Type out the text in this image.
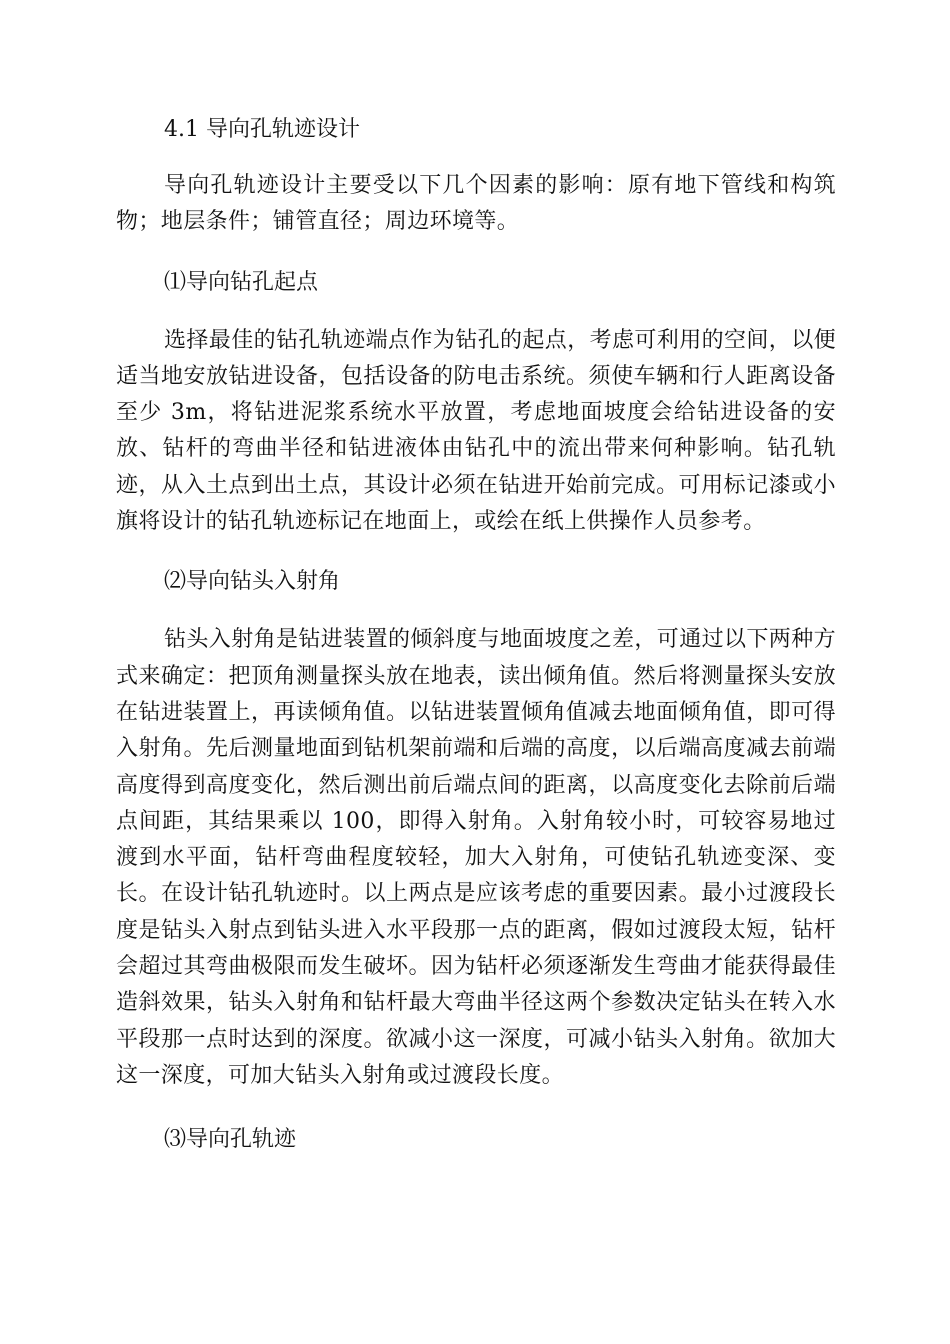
4.1 导向孔轨迹设计

导向孔轨迹设计主要受以下几个因素的影响：原有地下管线和构筑物；地层条件；铺管直径；周边环境等。

⑴导向钻孔起点

选择最佳的钻孔轨迹端点作为钻孔的起点，考虑可利用的空间，以便适当地安放钻进设备，包括设备的防电击系统。须使车辆和行人距离设备至少 3m，将钻进泥浆系统水平放置，考虑地面坡度会给钻进设备的安放、钻杆的弯曲半径和钻进液体由钻孔中的流出带来何种影响。钻孔轨迹，从入土点到出土点，其设计必须在钻进开始前完成。可用标记漆或小旗将设计的钻孔轨迹标记在地面上，或绘在纸上供操作人员参考。

⑵导向钻头入射角

钻头入射角是钻进装置的倾斜度与地面坡度之差，可通过以下两种方式来确定：把顶角测量探头放在地表，读出倾角值。然后将测量探头安放在钻进装置上，再读倾角值。以钻进装置倾角值减去地面倾角值，即可得入射角。先后测量地面到钻机架前端和后端的高度，以后端高度减去前端高度得到高度变化，然后测出前后端点间的距离，以高度变化去除前后端点间距，其结果乘以 100，即得入射角。入射角较小时，可较容易地过渡到水平面，钻杆弯曲程度较轻，加大入射角，可使钻孔轨迹变深、变长。在设计钻孔轨迹时。以上两点是应该考虑的重要因素。最小过渡段长度是钻头入射点到钻头进入水平段那一点的距离，假如过渡段太短，钻杆会超过其弯曲极限而发生破坏。因为钻杆必须逐渐发生弯曲才能获得最佳造斜效果，钻头入射角和钻杆最大弯曲半径这两个参数决定钻头在转入水平段那一点时达到的深度。欲减小这一深度，可减小钻头入射角。欲加大这一深度，可加大钻头入射角或过渡段长度。

⑶导向孔轨迹
